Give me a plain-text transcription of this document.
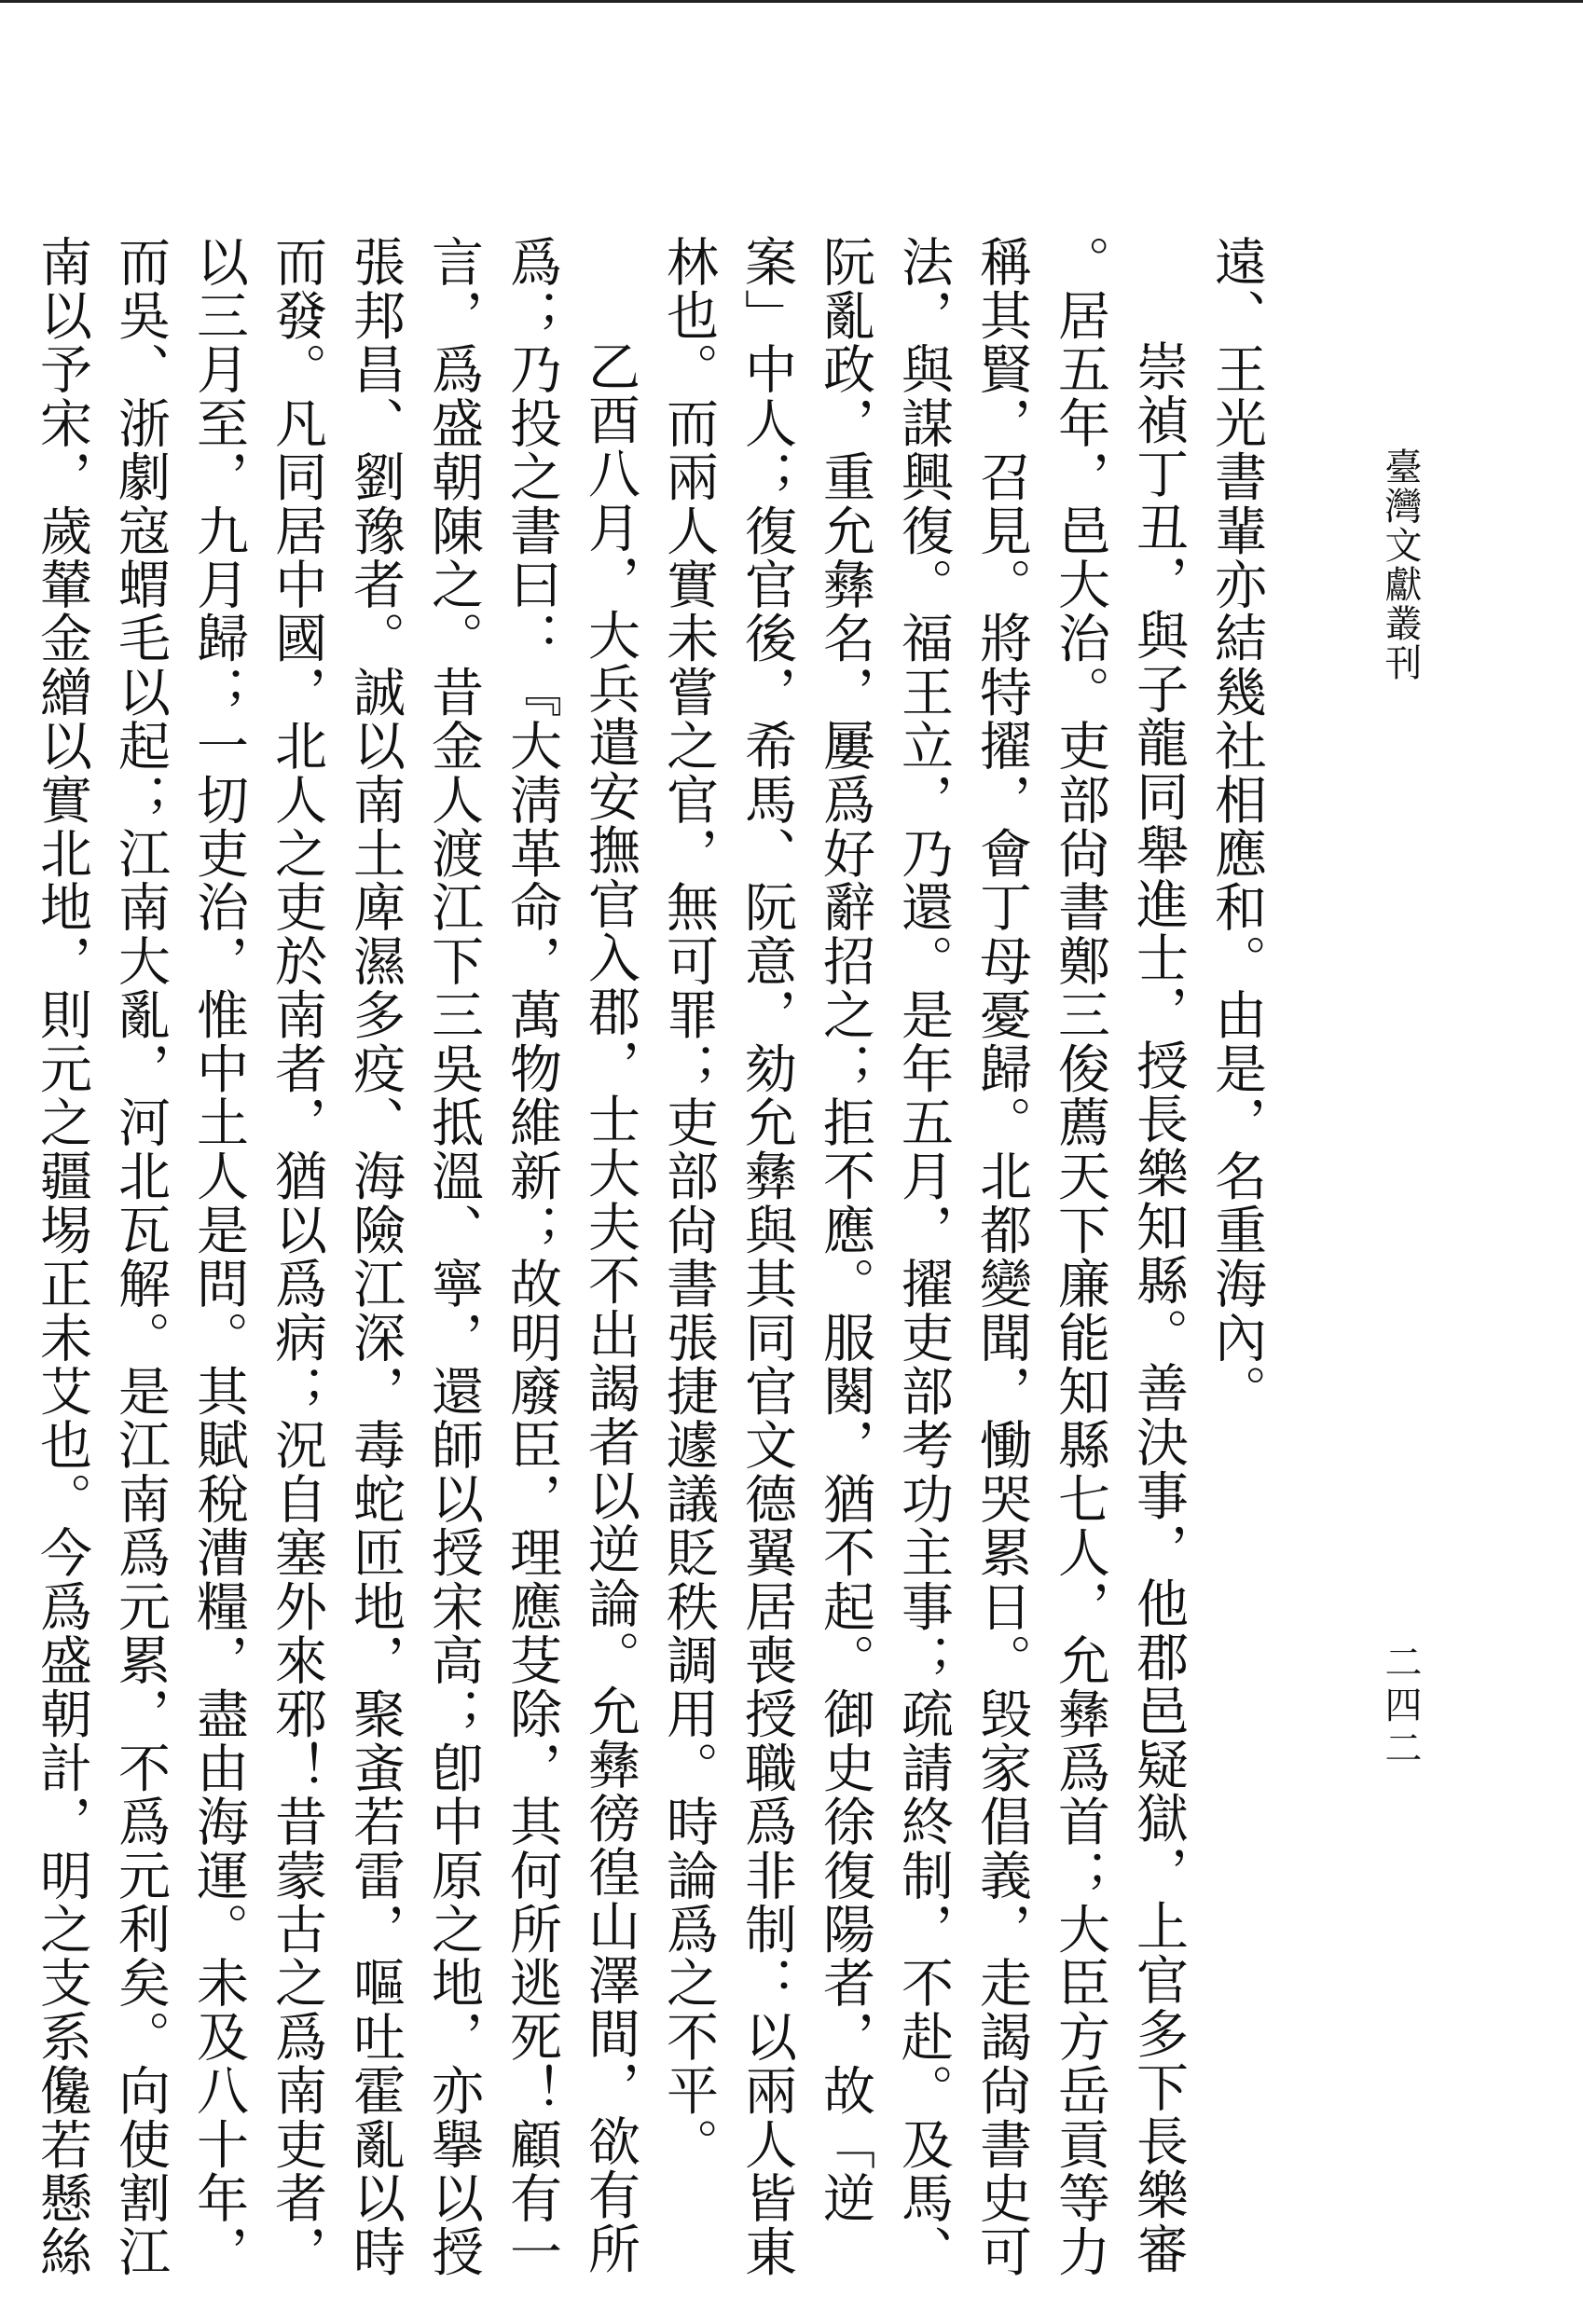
臺灣文獻叢刊
二四二
遠、王光書輩亦結幾社相應和。由是，名重海內。
崇禎丁丑，與子龍同舉進士，授長樂知縣。善決事，他郡邑疑獄，上官多下長樂審
。居五年，邑大治。吏部尙書鄭三俊薦天下廉能知縣七人，允彝爲首；大臣方岳貢等力
稱其賢，召見。將特擢，會丁母憂歸。北都變聞，慟哭累日。毁家倡義，走謁尙書史可
法，與謀興復。福王立，乃還。是年五月，擢吏部考功主事；疏請終制，不赴。及馬、
阮亂政，重允彝名，屢爲好辭招之；拒不應。服闋，猶不起。御史徐復陽者，故「逆
案」中人；復官後，希馬、阮意，劾允彝與其同官文德翼居喪授職爲非制：以兩人皆東
林也。而兩人實未嘗之官，無可罪；吏部尙書張捷遽議貶秩調用。時論爲之不平。
乙酉八月，大兵遣安撫官入郡，士大夫不出謁者以逆論。允彝徬徨山澤間，欲有所
爲；乃投之書曰：『大淸革命，萬物維新；故明廢臣，理應芟除，其何所逃死！顧有一
言，爲盛朝陳之。昔金人渡江下三吳抵溫、寧，還師以授宋高；卽中原之地，亦擧以授
張邦昌、劉豫者。誠以南土庳濕多疫、海險江深，毒蛇匝地，聚蚉若雷，嘔吐霍亂以時
而發。凡同居中國，北人之吏於南者，猶以爲病；況自塞外來邪！昔蒙古之爲南吏者，
以三月至，九月歸；一切吏治，惟中土人是問。其賦稅漕糧，盡由海運。未及八十年，
而吳、浙劇寇蝟毛以起；江南大亂，河北瓦解。是江南爲元累，不爲元利矣。向使割江
南以予宋，歲輦金繒以實北地，則元之疆埸正未艾也。今爲盛朝計，明之支系儳若懸絲
